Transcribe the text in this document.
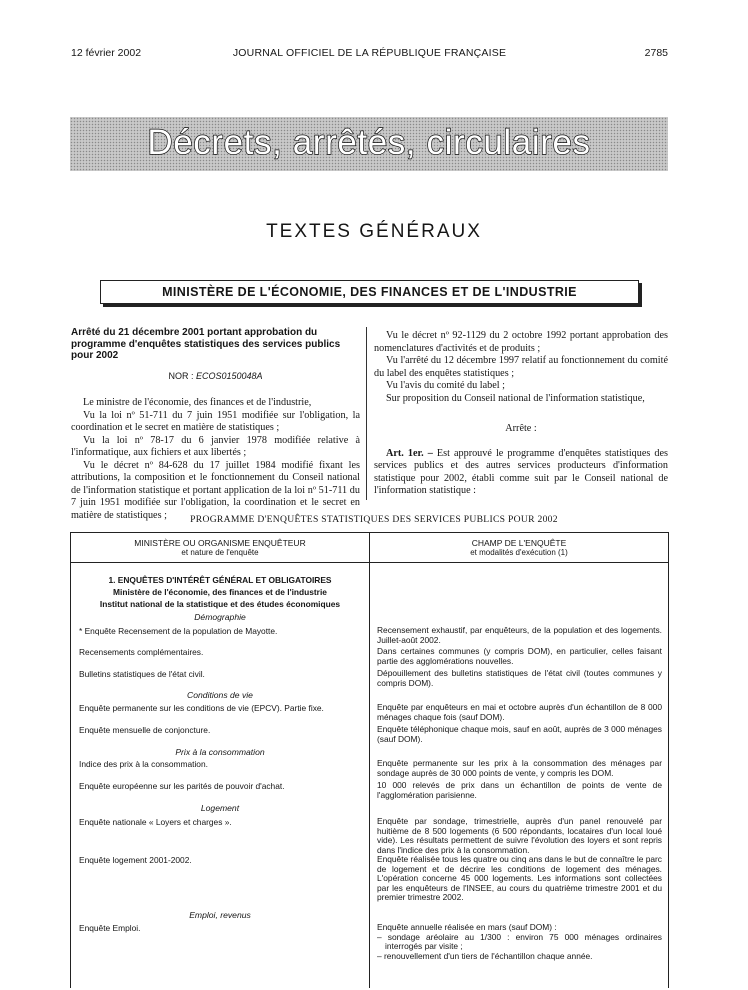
12 février 2002	JOURNAL OFFICIEL DE LA RÉPUBLIQUE FRANÇAISE	2785
Décrets, arrêtés, circulaires
TEXTES GÉNÉRAUX
MINISTÈRE DE L'ÉCONOMIE, DES FINANCES ET DE L'INDUSTRIE
Arrêté du 21 décembre 2001 portant approbation du programme d'enquêtes statistiques des services publics pour 2002
NOR : ECOS0150048A

Le ministre de l'économie, des finances et de l'industrie,

Vu la loi nº 51-711 du 7 juin 1951 modifiée sur l'obligation, la coordination et le secret en matière de statistiques ;

Vu la loi nº 78-17 du 6 janvier 1978 modifiée relative à l'informatique, aux fichiers et aux libertés ;

Vu le décret nº 84-628 du 17 juillet 1984 modifié fixant les attributions, la composition et le fonctionnement du Conseil national de l'information statistique et portant application de la loi nº 51-711 du 7 juin 1951 modifiée sur l'obligation, la coordination et le secret en matière de statistiques ;

Vu le décret nº 92-1129 du 2 octobre 1992 portant approbation des nomenclatures d'activités et de produits ;

Vu l'arrêté du 12 décembre 1997 relatif au fonctionnement du comité du label des enquêtes statistiques ;

Vu l'avis du comité du label ;

Sur proposition du Conseil national de l'information statistique,

Arrête :

Art. 1er. – Est approuvé le programme d'enquêtes statistiques des services publics et des autres services producteurs d'information statistique pour 2002, établi comme suit par le Conseil national de l'information statistique :

PROGRAMME D'ENQUÊTES STATISTIQUES DES SERVICES PUBLICS POUR 2002
MINISTÈRE OU ORGANISME ENQUÊTEUR
et nature de l'enquête
CHAMP DE L'ENQUÊTE
et modalités d'exécution (1)
1. ENQUÊTES D'INTÉRÊT GÉNÉRAL ET OBLIGATOIRES
Ministère de l'économie, des finances et de l'industrie
Institut national de la statistique et des études économiques
Démographie
* Enquête Recensement de la population de Mayotte.	Recensement exhaustif, par enquêteurs, de la population et des logements. Juillet-août 2002.
Recensements complémentaires.	Dans certaines communes (y compris DOM), en particulier, celles faisant partie des agglomérations nouvelles.
Bulletins statistiques de l'état civil.	Dépouillement des bulletins statistiques de l'état civil (toutes communes y compris DOM).
Conditions de vie
Enquête permanente sur les conditions de vie (EPCV). Partie fixe.	Enquête par enquêteurs en mai et octobre auprès d'un échantillon de 8 000 ménages chaque fois (sauf DOM).
Enquête mensuelle de conjoncture.	Enquête téléphonique chaque mois, sauf en août, auprès de 3 000 ménages (sauf DOM).
Prix à la consommation
Indice des prix à la consommation.	Enquête permanente sur les prix à la consommation des ménages par sondage auprès de 30 000 points de vente, y compris les DOM.
Enquête européenne sur les parités de pouvoir d'achat.	10 000 relevés de prix dans un échantillon de points de vente de l'agglomération parisienne.
Logement
Enquête nationale « Loyers et charges ».	Enquête par sondage, trimestrielle, auprès d'un panel renouvelé par huitième de 8 500 logements (6 500 répondants, locataires d'un local loué vide). Les résultats permettent de suivre l'évolution des loyers et sont repris dans l'indice des prix à la consommation.
Enquête logement 2001-2002.	Enquête réalisée tous les quatre ou cinq ans dans le but de connaître le parc de logement et de décrire les conditions de logement des ménages. L'opération concerne 45 000 logements. Les informations sont collectées par les enquêteurs de l'INSEE, au cours du quatrième trimestre 2001 et du premier trimestre 2002.
Emploi, revenus
Enquête Emploi.	Enquête annuelle réalisée en mars (sauf DOM) :
– sondage aréolaire au 1/300 : environ 75 000 ménages ordinaires interrogés par visite ;
– renouvellement d'un tiers de l'échantillon chaque année.
